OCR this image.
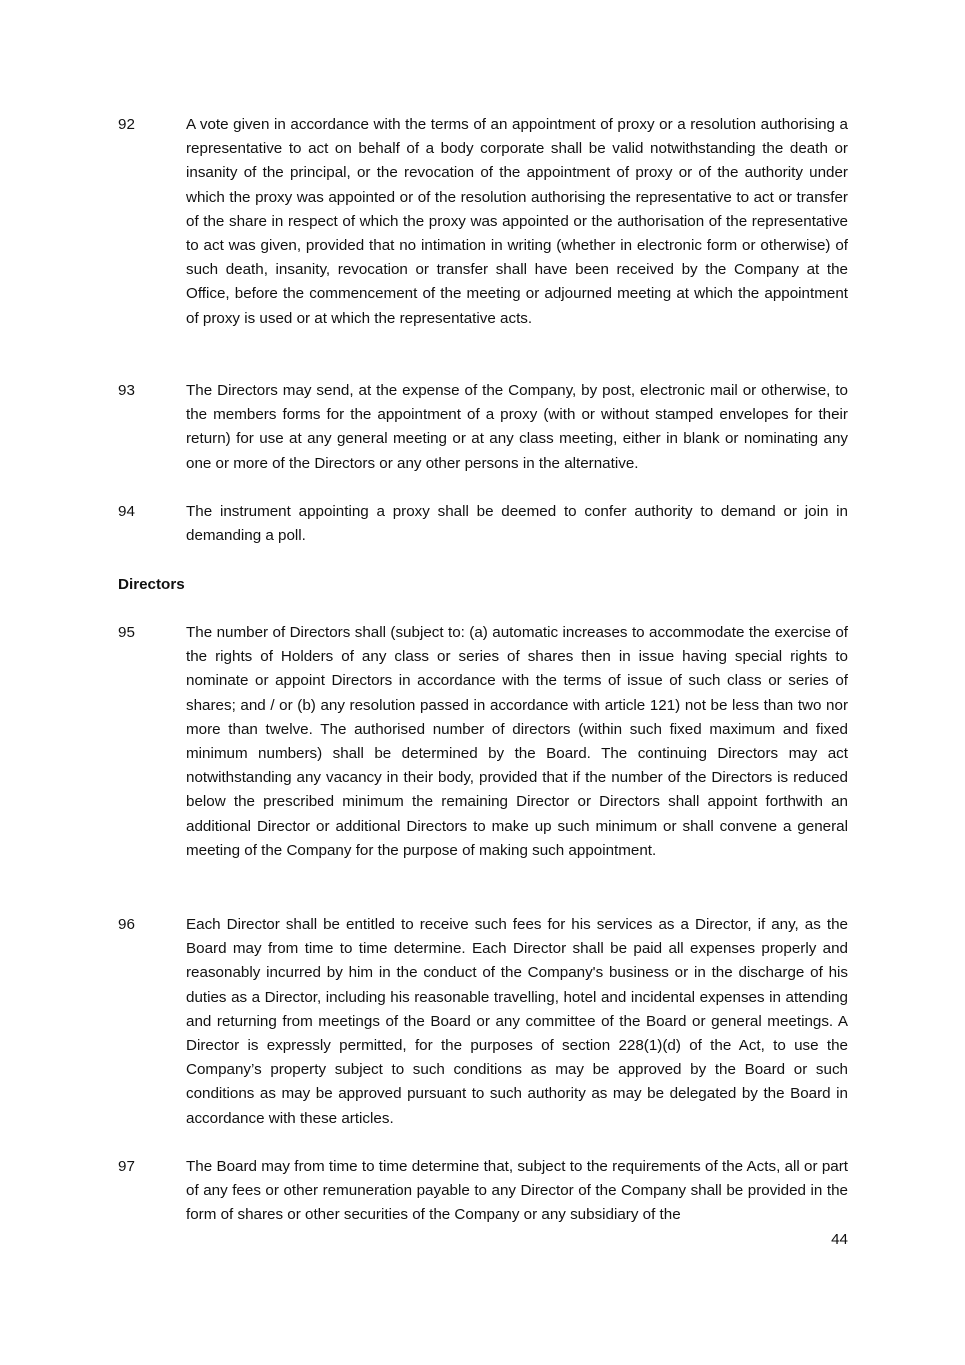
92	A vote given in accordance with the terms of an appointment of proxy or a resolution authorising a representative to act on behalf of a body corporate shall be valid notwithstanding the death or insanity of the principal, or the revocation of the appointment of proxy or of the authority under which the proxy was appointed or of the resolution authorising the representative to act or transfer of the share in respect of which the proxy was appointed or the authorisation of the representative to act was given, provided that no intimation in writing (whether in electronic form or otherwise) of such death, insanity, revocation or transfer shall have been received by the Company at the Office, before the commencement of the meeting or adjourned meeting at which the appointment of proxy is used or at which the representative acts.
93	The Directors may send, at the expense of the Company, by post, electronic mail or otherwise, to the members forms for the appointment of a proxy (with or without stamped envelopes for their return) for use at any general meeting or at any class meeting, either in blank or nominating any one or more of the Directors or any other persons in the alternative.
94	The instrument appointing a proxy shall be deemed to confer authority to demand or join in demanding a poll.
Directors
95	The number of Directors shall (subject to: (a) automatic increases to accommodate the exercise of the rights of Holders of any class or series of shares then in issue having special rights to nominate or appoint Directors in accordance with the terms of issue of such class or series of shares; and / or (b) any resolution passed in accordance with article 121) not be less than two nor more than twelve. The authorised number of directors (within such fixed maximum and fixed minimum numbers) shall be determined by the Board. The continuing Directors may act notwithstanding any vacancy in their body, provided that if the number of the Directors is reduced below the prescribed minimum the remaining Director or Directors shall appoint forthwith an additional Director or additional Directors to make up such minimum or shall convene a general meeting of the Company for the purpose of making such appointment.
96	Each Director shall be entitled to receive such fees for his services as a Director, if any, as the Board may from time to time determine. Each Director shall be paid all expenses properly and reasonably incurred by him in the conduct of the Company's business or in the discharge of his duties as a Director, including his reasonable travelling, hotel and incidental expenses in attending and returning from meetings of the Board or any committee of the Board or general meetings. A Director is expressly permitted, for the purposes of section 228(1)(d) of the Act, to use the Company’s property subject to such conditions as may be approved by the Board or such conditions as may be approved pursuant to such authority as may be delegated by the Board in accordance with these articles.
97	The Board may from time to time determine that, subject to the requirements of the Acts, all or part of any fees or other remuneration payable to any Director of the Company shall be provided in the form of shares or other securities of the Company or any subsidiary of the
44
